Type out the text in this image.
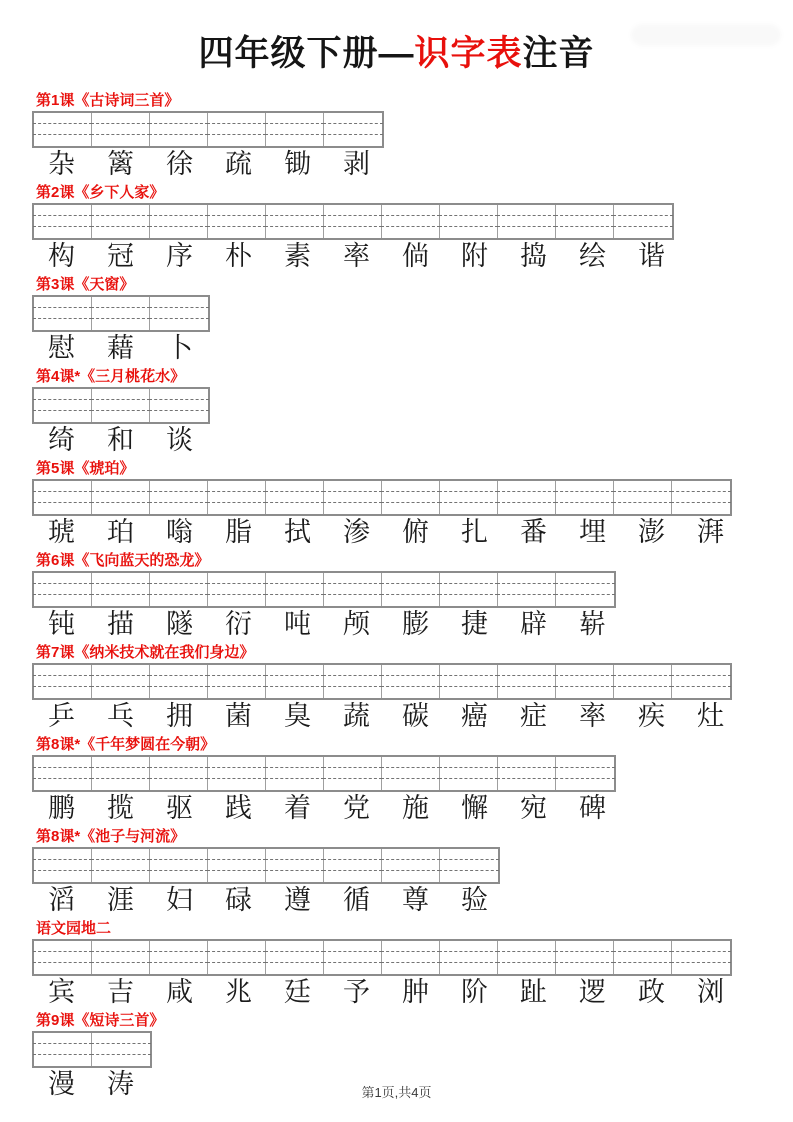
四年级下册—识字表注音
第1课《古诗词三首》
杂	篱	徐	疏	锄	剥
第2课《乡下人家》
构	冠	序	朴	素	率	倘	附	捣	绘	谐
第3课《天窗》
慰	藉	卜
第4课*《三月桃花水》
绮	和	谈
第5课《琥珀》
琥	珀	嗡	脂	拭	渗	俯	扎	番	埋	澎	湃
第6课《飞向蓝天的恐龙》
钝	描	隧	衍	吨	颅	膨	捷	辟	崭
第7课《纳米技术就在我们身边》
乒	乓	拥	菌	臭	蔬	碳	癌	症	率	疾	灶
第8课*《千年梦圆在今朝》
鹏	揽	驱	践	着	党	施	懈	宛	碑
第8课*《池子与河流》
滔	涯	妇	碌	遵	循	尊	验
语文园地二
宾	吉	咸	兆	廷	予	肿	阶	趾	逻	政	浏
第9课《短诗三首》
漫	涛	第1页,共4页
